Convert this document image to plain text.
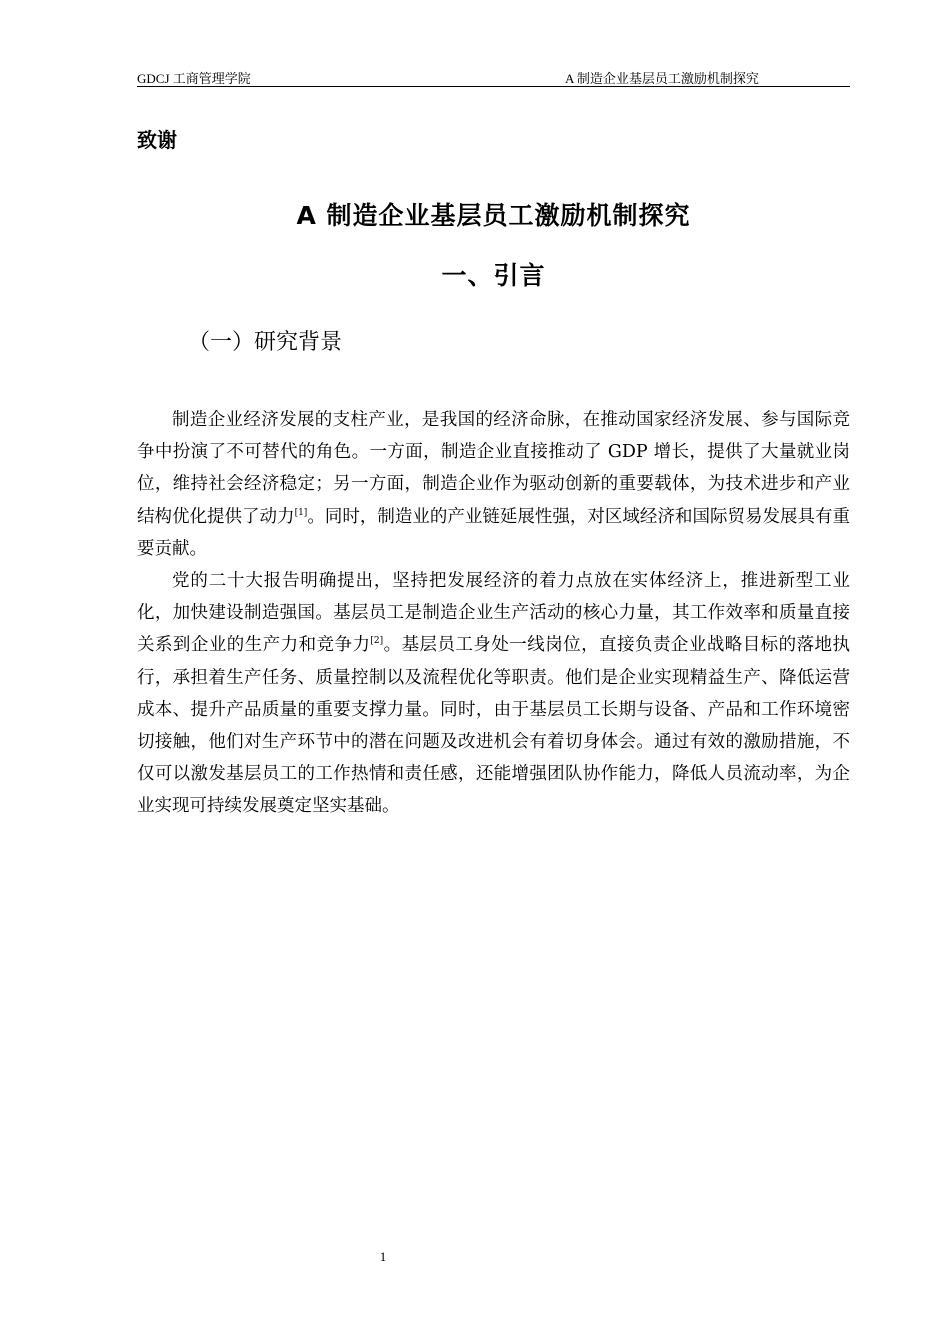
GDCJ 工商管理学院	A 制造企业基层员工激励机制探究
致谢
A 制造企业基层员工激励机制探究
一、引言
（一）研究背景

制造企业经济发展的支柱产业，是我国的经济命脉，在推动国家经济发展、参与国际竞争中扮演了不可替代的角色。一方面，制造企业直接推动了 GDP 增长，提供了大量就业岗位，维持社会经济稳定；另一方面，制造企业作为驱动创新的重要载体，为技术进步和产业结构优化提供了动力[1]。同时，制造业的产业链延展性强，对区域经济和国际贸易发展具有重要贡献。

党的二十大报告明确提出，坚持把发展经济的着力点放在实体经济上，推进新型工业化，加快建设制造强国。基层员工是制造企业生产活动的核心力量，其工作效率和质量直接关系到企业的生产力和竞争力[2]。基层员工身处一线岗位，直接负责企业战略目标的落地执行，承担着生产任务、质量控制以及流程优化等职责。他们是企业实现精益生产、降低运营成本、提升产品质量的重要支撑力量。同时，由于基层员工长期与设备、产品和工作环境密切接触，他们对生产环节中的潜在问题及改进机会有着切身体会。通过有效的激励措施，不仅可以激发基层员工的工作热情和责任感，还能增强团队协作能力，降低人员流动率，为企业实现可持续发展奠定坚实基础。

1
